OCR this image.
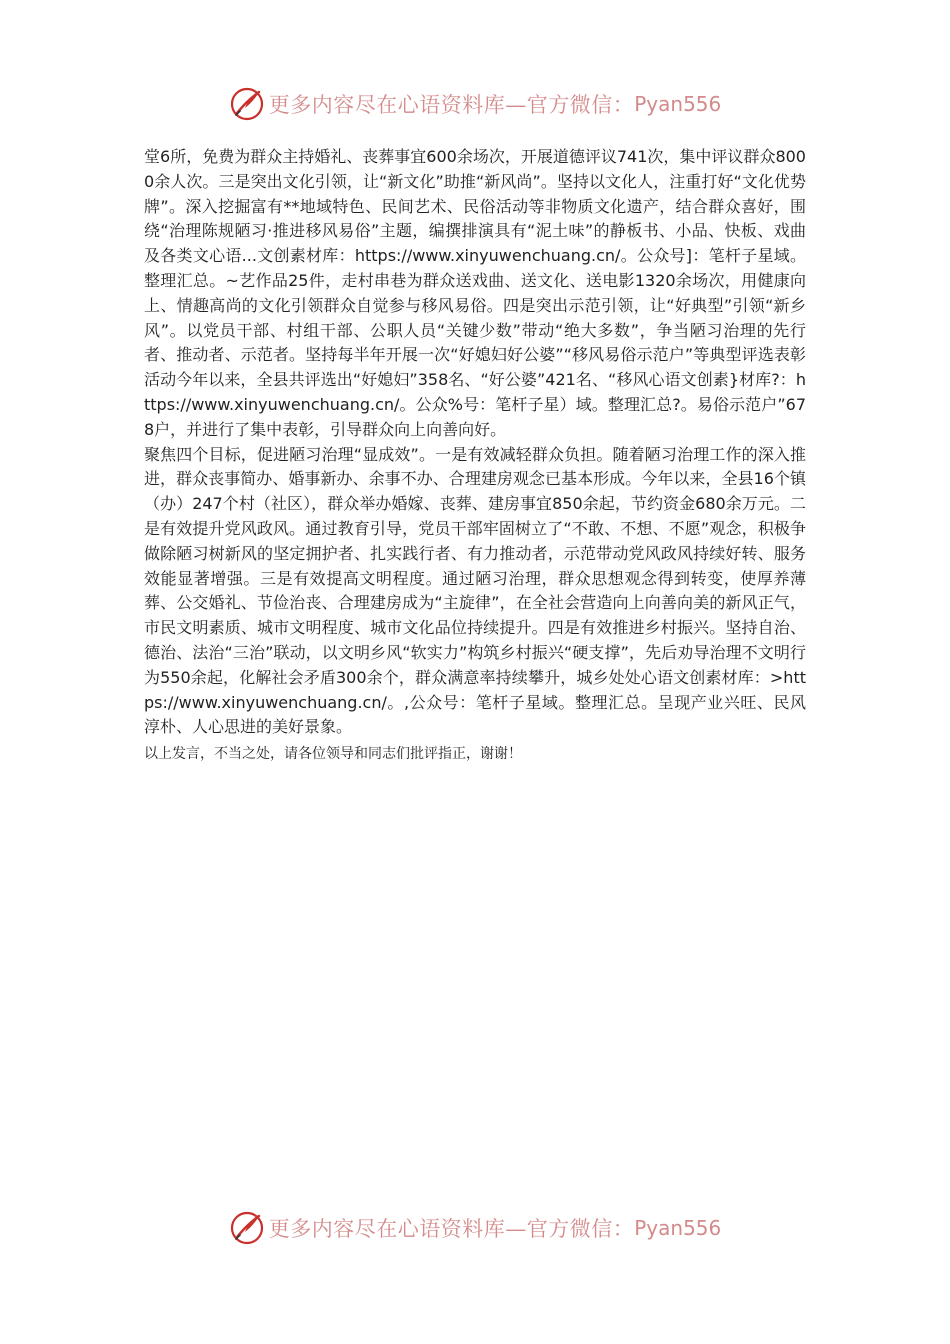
更多内容尽在心语资料库—官方微信： Pyan556

堂6所，免费为群众主持婚礼、丧葬事宜600余场次，开展道德评议741次，集中评议群众8000余人次。三是突出文化引领，让“新文化”助推“新风尚”。坚持以文化人，注重打好“文化优势牌”。深入挖掘富有**地域特色、民间艺术、民俗活动等非物质文化遗产，结合群众喜好，围绕“治理陈规陋习·推进移风易俗”主题，编撰排演具有“泥土味”的静板书、小品、快板、戏曲及各类文心语...文创素材库：https://www.xinyuwenchuang.cn/。公众号]：笔杆子星域。整理汇总。~艺作品25件，走村串巷为群众送戏曲、送文化、送电影1320余场次，用健康向上、情趣高尚的文化引领群众自觉参与移风易俗。四是突出示范引领，让“好典型”引领“新乡风”。以党员干部、村组干部、公职人员“关键少数”带动“绝大多数”，争当陋习治理的先行者、推动者、示范者。坚持每半年开展一次“好媳妇好公婆”“移风易俗示范户”等典型评选表彰活动今年以来，全县共评选出“好媳妇”358名、“好公婆”421名、“移风心语文创素}材库?：https://www.xinyuwenchuang.cn/。公众%号：笔杆子星）域。整理汇总?。易俗示范户”678户，并进行了集中表彰，引导群众向上向善向好。

聚焦四个目标，促进陋习治理“显成效”。一是有效减轻群众负担。随着陋习治理工作的深入推进，群众丧事简办、婚事新办、余事不办、合理建房观念已基本形成。今年以来，全县16个镇（办）247个村（社区），群众举办婚嫁、丧葬、建房事宜850余起，节约资金680余万元。二是有效提升党风政风。通过教育引导，党员干部牢固树立了“不敢、不想、不愿”观念，积极争做除陋习树新风的坚定拥护者、扎实践行者、有力推动者，示范带动党风政风持续好转、服务效能显著增强。三是有效提高文明程度。通过陋习治理，群众思想观念得到转变，使厚养薄葬、公交婚礼、节俭治丧、合理建房成为“主旋律”，在全社会营造向上向善向美的新风正气，市民文明素质、城市文明程度、城市文化品位持续提升。四是有效推进乡村振兴。坚持自治、德治、法治“三治”联动，以文明乡风“软实力”构筑乡村振兴“硬支撑”，先后劝导治理不文明行为550余起，化解社会矛盾300余个，群众满意率持续攀升，城乡处处心语文创素材库：>https://www.xinyuwenchuang.cn/。,公众号：笔杆子星域。整理汇总。呈现产业兴旺、民风淳朴、人心思进的美好景象。

以上发言，不当之处，请各位领导和同志们批评指正，谢谢！

更多内容尽在心语资料库—官方微信： Pyan556
